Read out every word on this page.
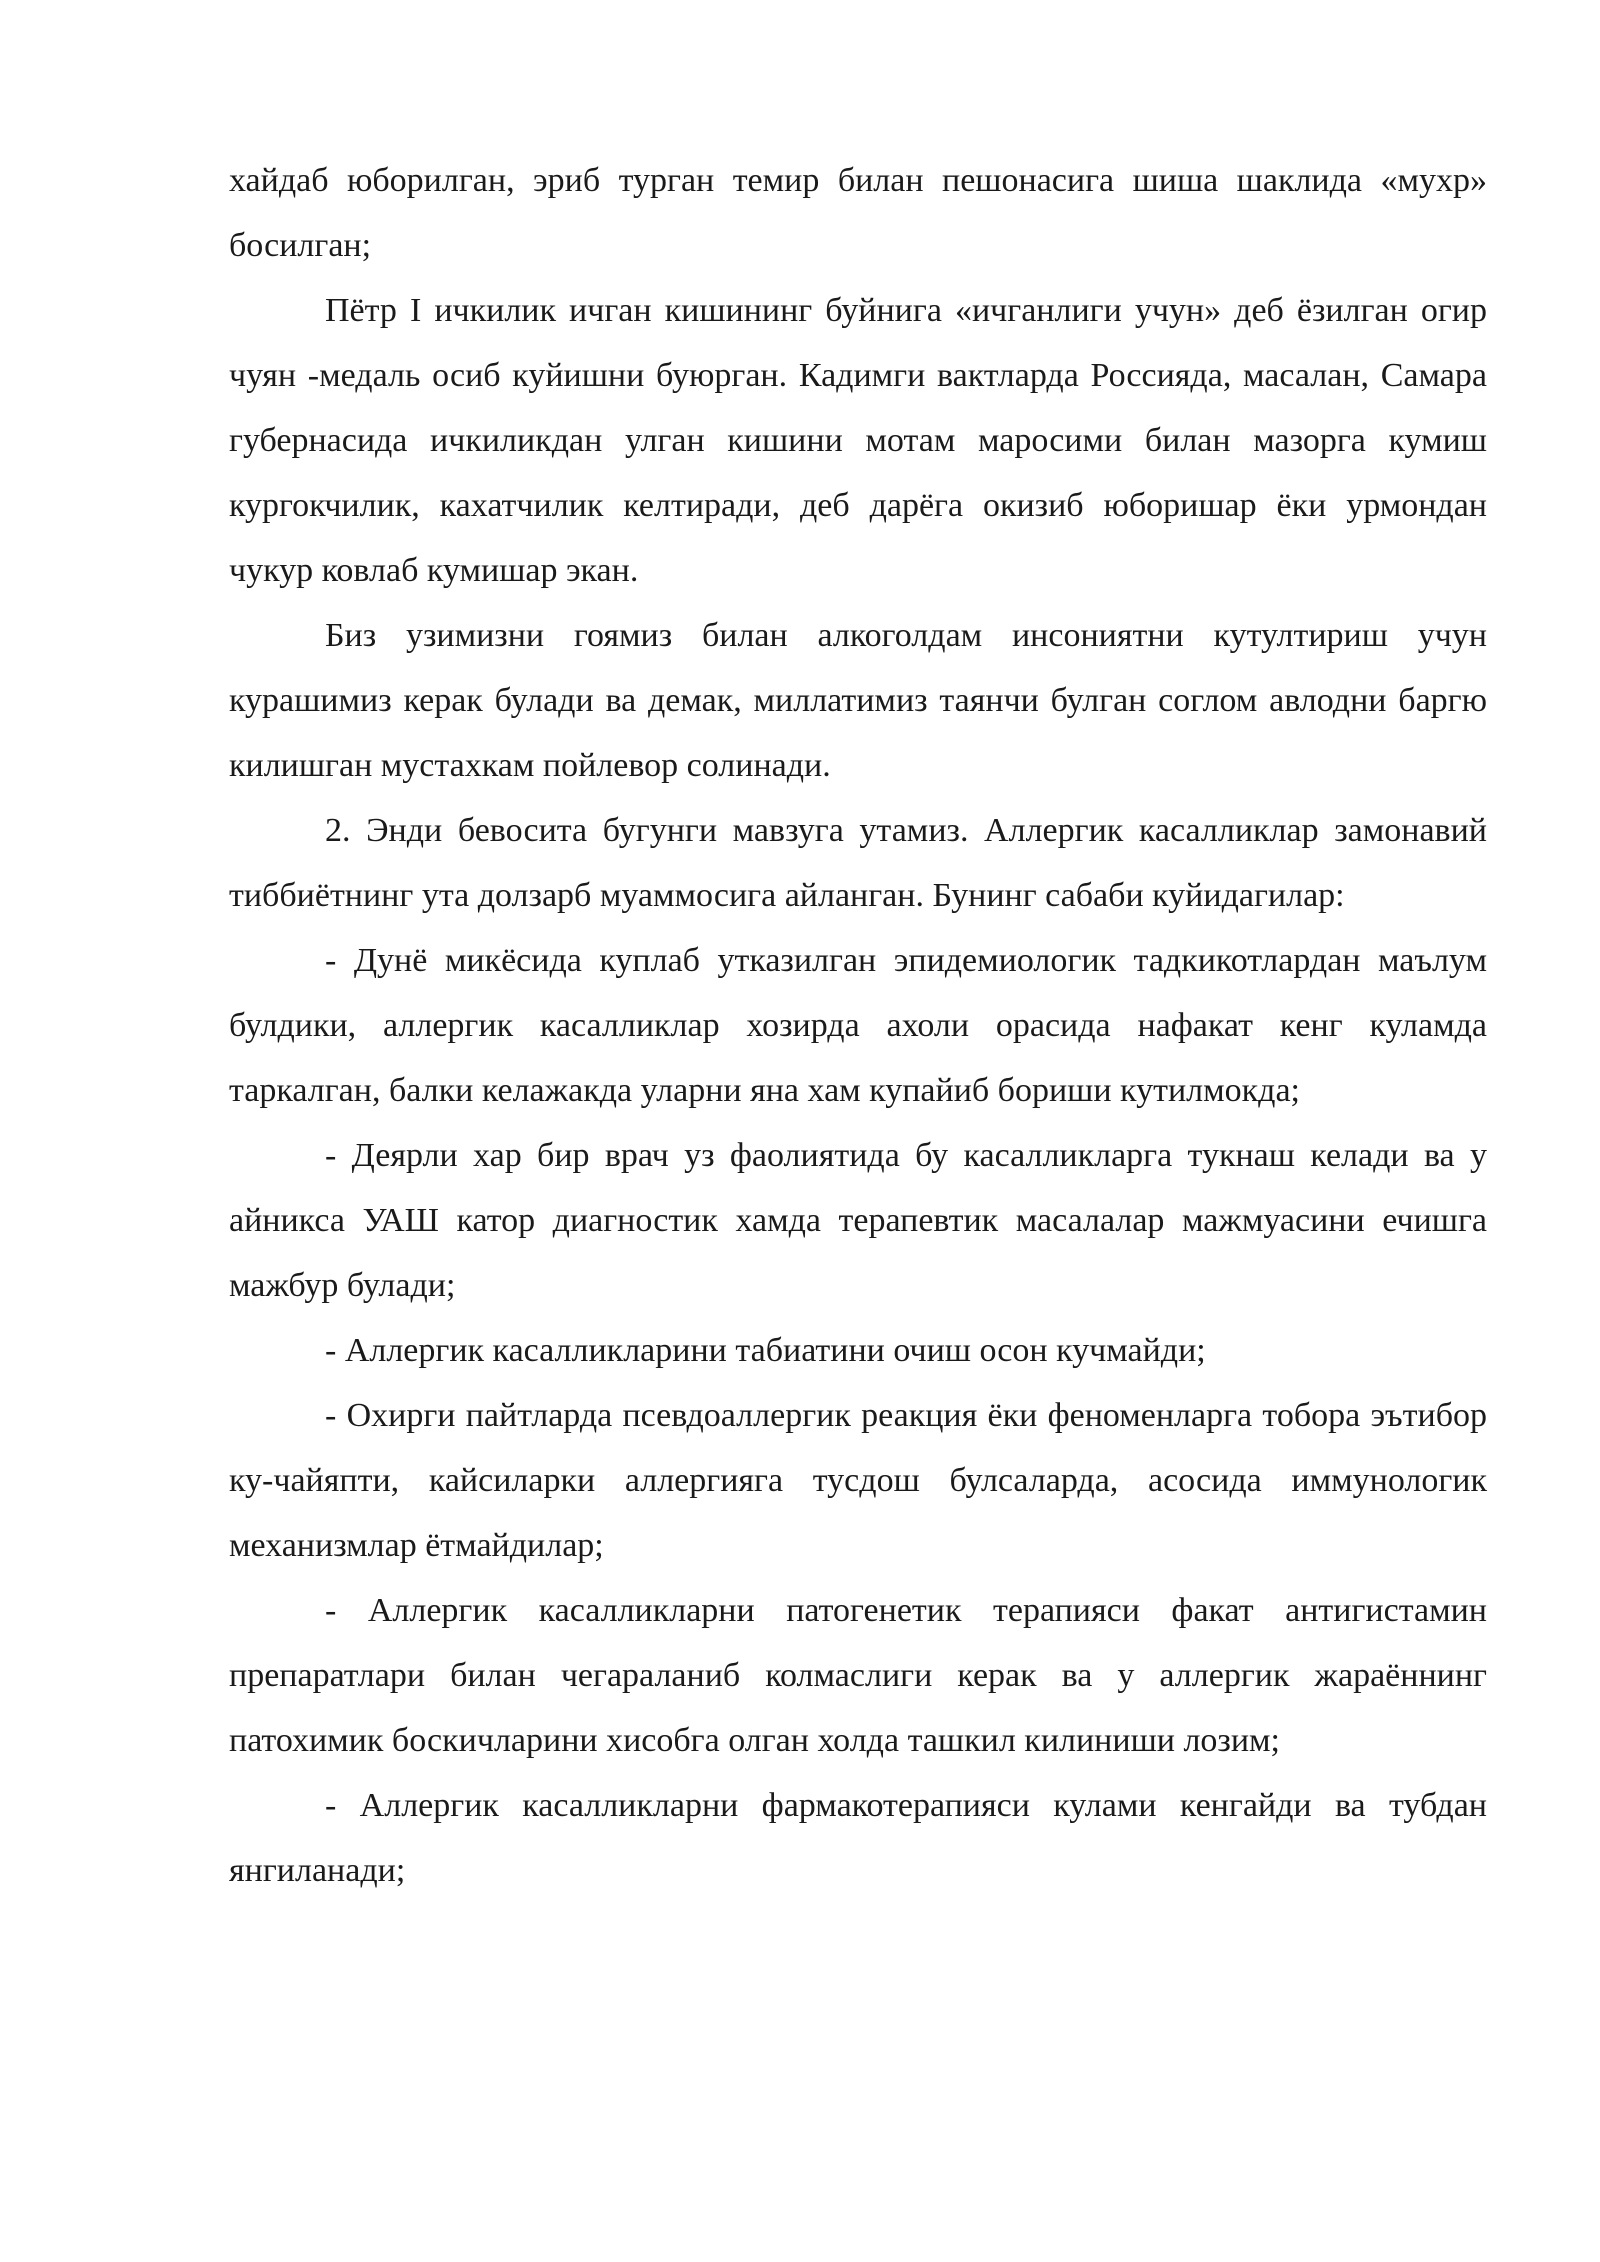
хайдаб юборилган, эриб турган темир билан пешонасига шиша шаклида «мухр» босилган;

Пётр I ичкилик ичган кишининг буйнига «ичганлиги учун» деб ёзилган огир чуян -медаль осиб куйишни буюрган. Кадимги вактларда Россияда, масалан, Самара губернасида ичкиликдан улган кишини мотам маросими билан мазорга кумиш кургокчилик, кахатчилик келтиради, деб дарёга окизиб юборишар ёки урмондан чукур ковлаб кумишар экан.

Биз узимизни гоямиз билан алкоголдам инсониятни кутултириш учун курашимиз керак булади ва демак, миллатимиз таянчи булган соглом авлодни баргю килишган мустахкам пойлевор солинади.

2. Энди бевосита бугунги мавзуга утамиз. Аллергик касалликлар замонавий тиббиётнинг ута долзарб муаммосига айланган. Бунинг сабаби куйидагилар:

- Дунё микёсида куплаб утказилган эпидемиологик тадкикотлардан маълум булдики, аллергик касалликлар хозирда ахоли орасида нафакат кенг куламда таркалган, балки келажакда уларни яна хам купайиб бориши кутилмокда;

- Деярли хар бир врач уз фаолиятида бу касалликларга тукнаш келади ва у айникса УАШ катор диагностик хамда терапевтик масалалар мажмуасини ечишга мажбур булади;

- Аллергик касалликларини табиатини очиш осон кучмайди;

- Охирги пайтларда псевдоаллергик реакция ёки феноменларга тобора эътибор ку-чайяпти, кайсиларки аллергияга тусдош булсаларда, асосида иммунологик механизмлар ётмайдилар;

- Аллергик касалликларни патогенетик терапияси факат антигистамин препаратлари билан чегараланиб колмаслиги керак ва у аллергик жараённинг патохимик боскичларини хисобга олган холда ташкил килиниши лозим;

- Аллергик касалликларни фармакотерапияси кулами кенгайди ва тубдан янгиланади;
